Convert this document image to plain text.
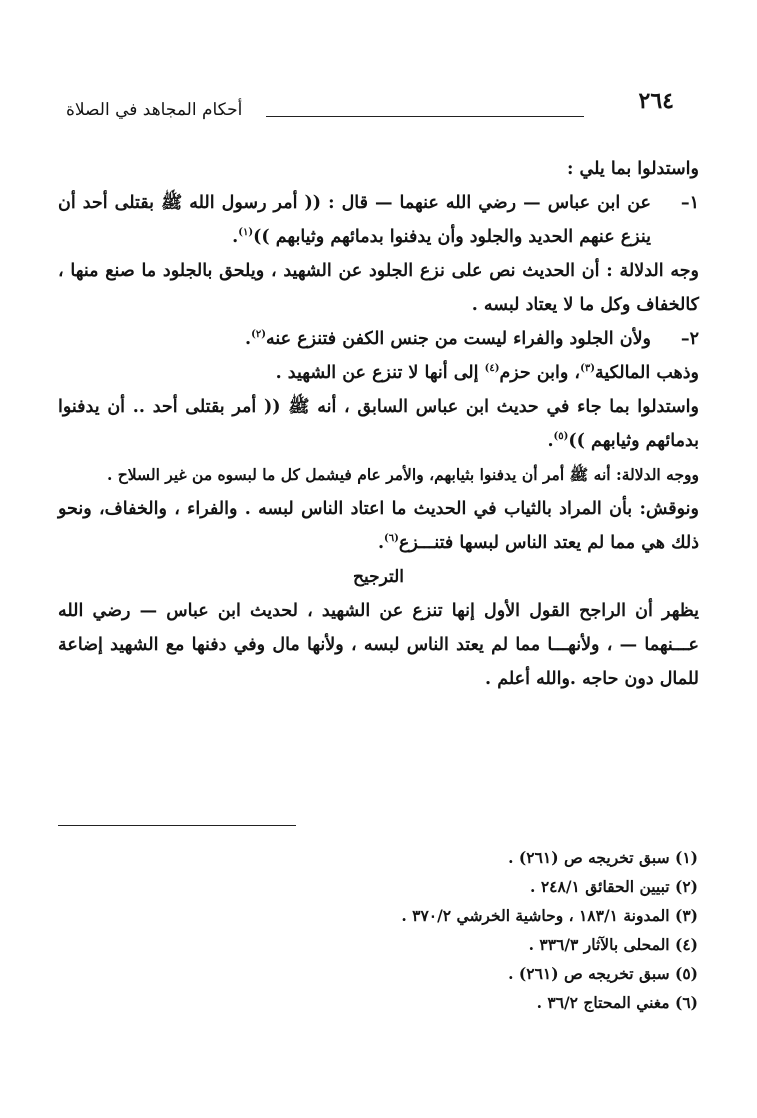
٢٦٤
أحكام المجاهد في الصلاة

واستدلوا بما يلي :

١–
عن ابن عباس — رضي الله عنهما — قال : (( أمر رسول الله ﷺ بقتلى أحد أن ينزع عنهم الحديد والجلود وأن يدفنوا بدمائهم وثيابهم ))$^{(١)}$.

وجه الدلالة : أن الحديث نص على نزع الجلود عن الشهيد ، ويلحق بالجلود ما صنع منها ، كالخفاف وكل ما لا يعتاد لبسه .

٢–
ولأن الجلود والفراء ليست من جنس الكفن فتنزع عنه$^{(٢)}$.

وذهب المالكية$^{(٣)}$، وابن حزم$^{(٤)}$ إلى أنها لا تنزع عن الشهيد .

واستدلوا بما جاء في حديث ابن عباس السابق ، أنه ﷺ (( أمر بقتلى أحد .. أن يدفنوا بدمائهم وثيابهم ))$^{(٥)}$.

ووجه الدلالة: أنه ﷺ أمر أن يدفنوا بثيابهم، والأمر عام فيشمل كل ما لبسوه من غير السلاح .

ونوقش: بأن المراد بالثياب في الحديث ما اعتاد الناس لبسه . والفراء ، والخفاف، ونحو ذلك هي مما لم يعتد الناس لبسها فتنـــزع$^{(٦)}$.

الترجيح

يظهر أن الراجح القول الأول إنها تنزع عن الشهيد ، لحديث ابن عباس — رضي الله عـــنهما — ، ولأنهـــا مما لم يعتد الناس لبسه ، ولأنها مال وفي دفنها مع الشهيد إضاعة للمال دون حاجه .والله أعلم .

(١) سبق تخريجه ص (٢٦١) .

(٢) تبيين الحقائق ٢٤٨/١ .

(٣) المدونة ١٨٣/١ ، وحاشية الخرشي ٣٧٠/٢ .

(٤) المحلى بالآثار ٣٣٦/٣ .

(٥) سبق تخريجه ص (٢٦١) .

(٦) مغني المحتاج ٣٦/٢ .
